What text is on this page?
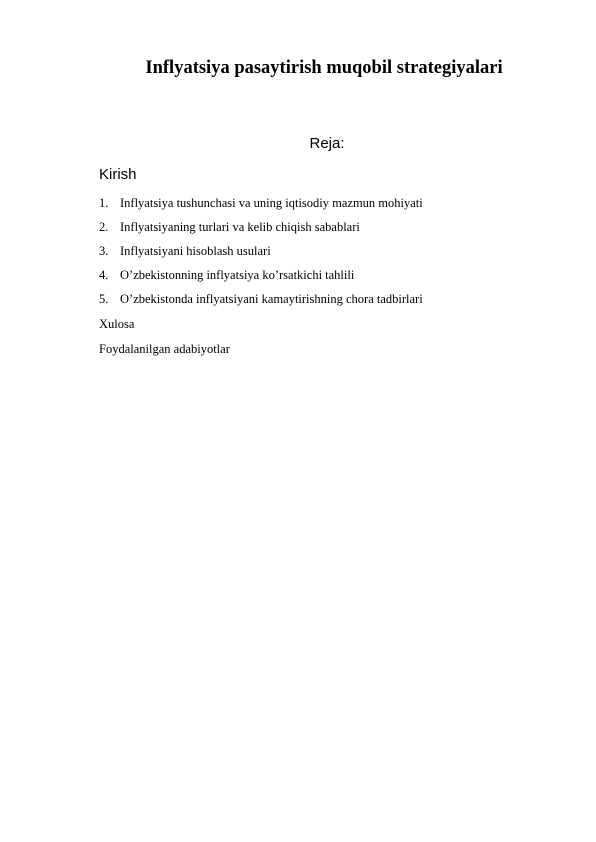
Inflyatsiya pasaytirish muqobil strategiyalari
Reja:
Kirish
1. Inflyatsiya tushunchasi va uning iqtisodiy mazmun mohiyati
2. Inflyatsiyaning turlari va kelib chiqish sabablari
3. Inflyatsiyani hisoblash usulari
4. O’zbekistonning inflyatsiya ko’rsatkichi tahlili
5. O’zbekistonda inflyatsiyani kamaytirishning chora tadbirlari
Xulosa
Foydalanilgan adabiyotlar
